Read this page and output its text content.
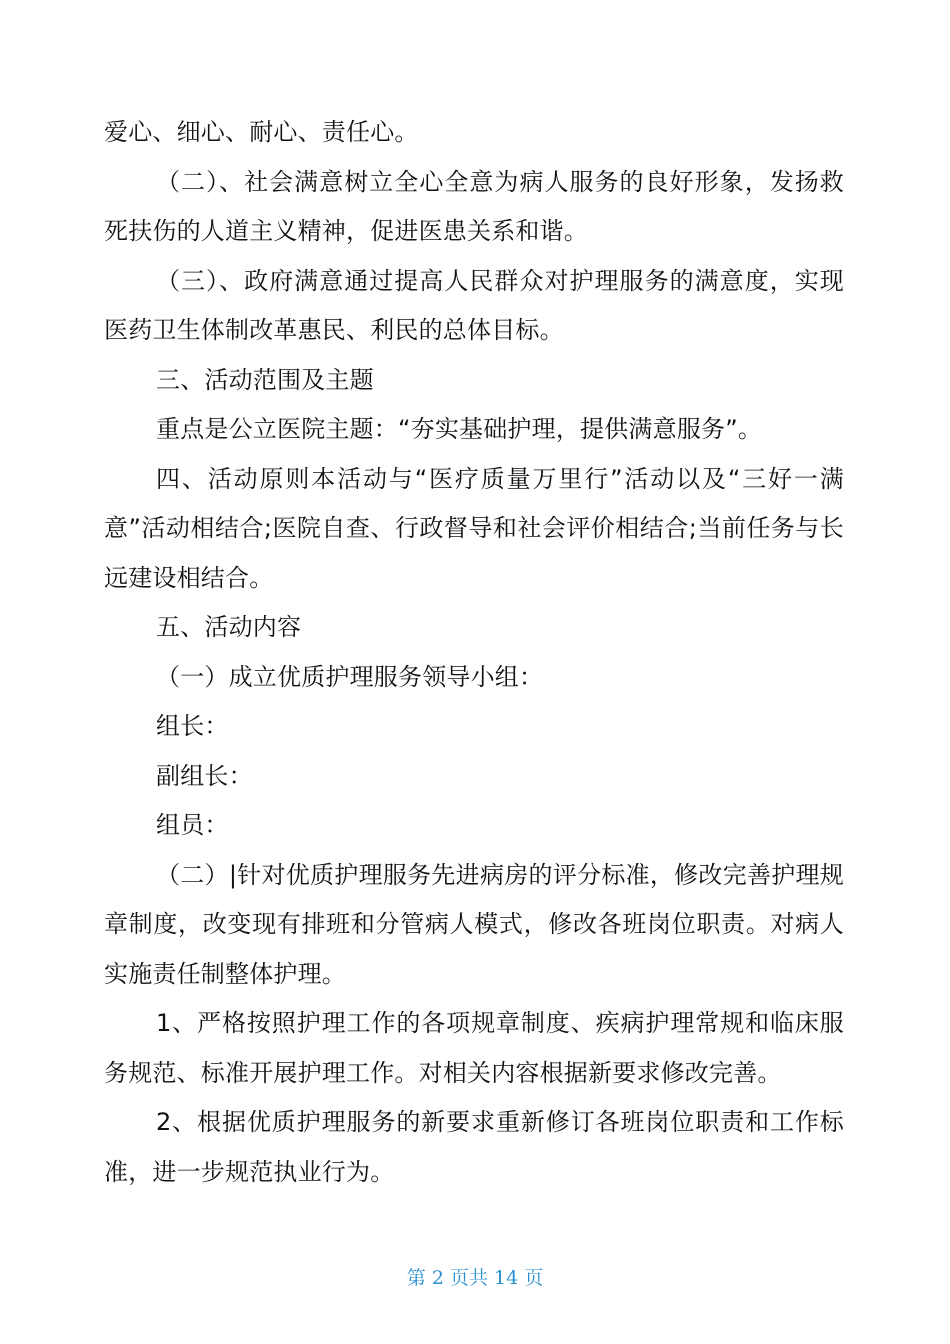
爱心、细心、耐心、责任心。

（二）、社会满意树立全心全意为病人服务的良好形象，发扬救死扶伤的人道主义精神，促进医患关系和谐。

（三）、政府满意通过提高人民群众对护理服务的满意度，实现医药卫生体制改革惠民、利民的总体目标。

三、活动范围及主题

重点是公立医院主题：“夯实基础护理，提供满意服务”。

四、活动原则本活动与“医疗质量万里行”活动以及“三好一满意”活动相结合;医院自查、行政督导和社会评价相结合;当前任务与长远建设相结合。

五、活动内容

（一）成立优质护理服务领导小组：

组长：

副组长：

组员：

（二）|针对优质护理服务先进病房的评分标准，修改完善护理规章制度，改变现有排班和分管病人模式，修改各班岗位职责。对病人实施责任制整体护理。

1、严格按照护理工作的各项规章制度、疾病护理常规和临床服务规范、标准开展护理工作。对相关内容根据新要求修改完善。

2、根据优质护理服务的新要求重新修订各班岗位职责和工作标准，进一步规范执业行为。

第 2 页共 14 页
